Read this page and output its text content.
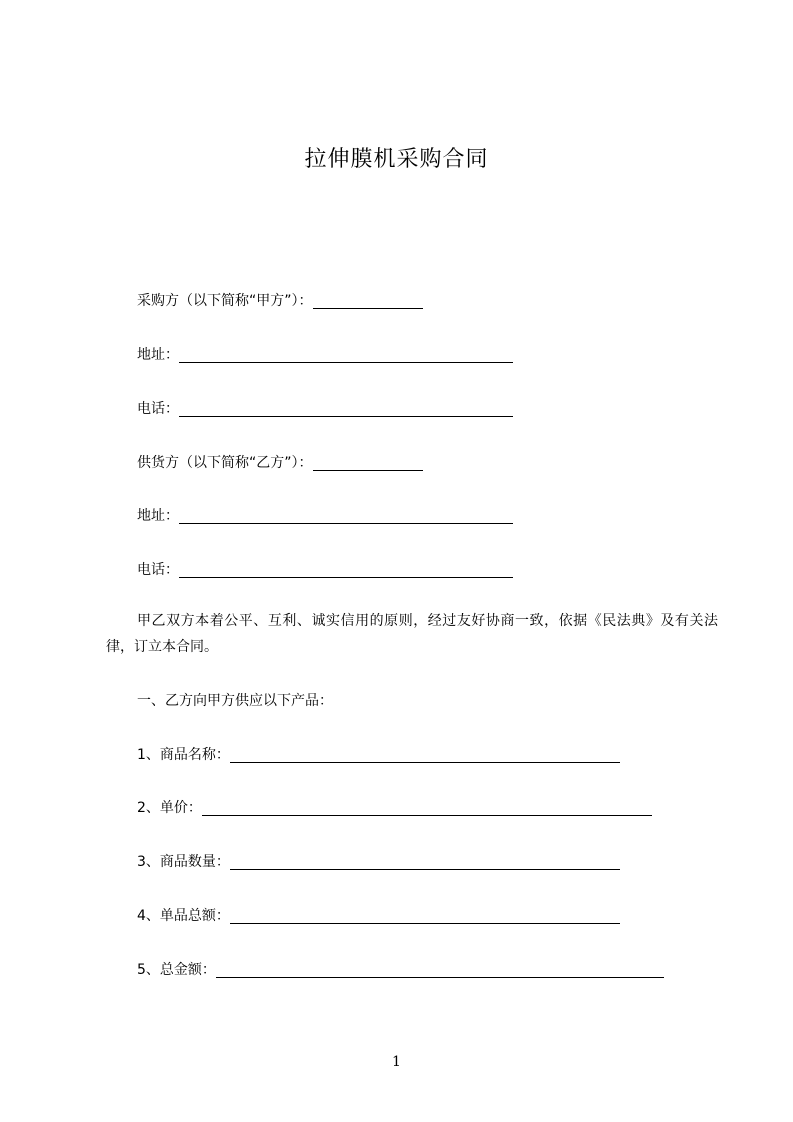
拉伸膜机采购合同
采购方（以下简称“甲方”）：
地址：
电话：
供货方（以下简称“乙方”）：
地址：
电话：
甲乙双方本着公平、互利、诚实信用的原则，经过友好协商一致，依据《民法典》及有关法律，订立本合同。
一、乙方向甲方供应以下产品：
1、商品名称：
2、单价：
3、商品数量：
4、单品总额：
5、总金额：
1
